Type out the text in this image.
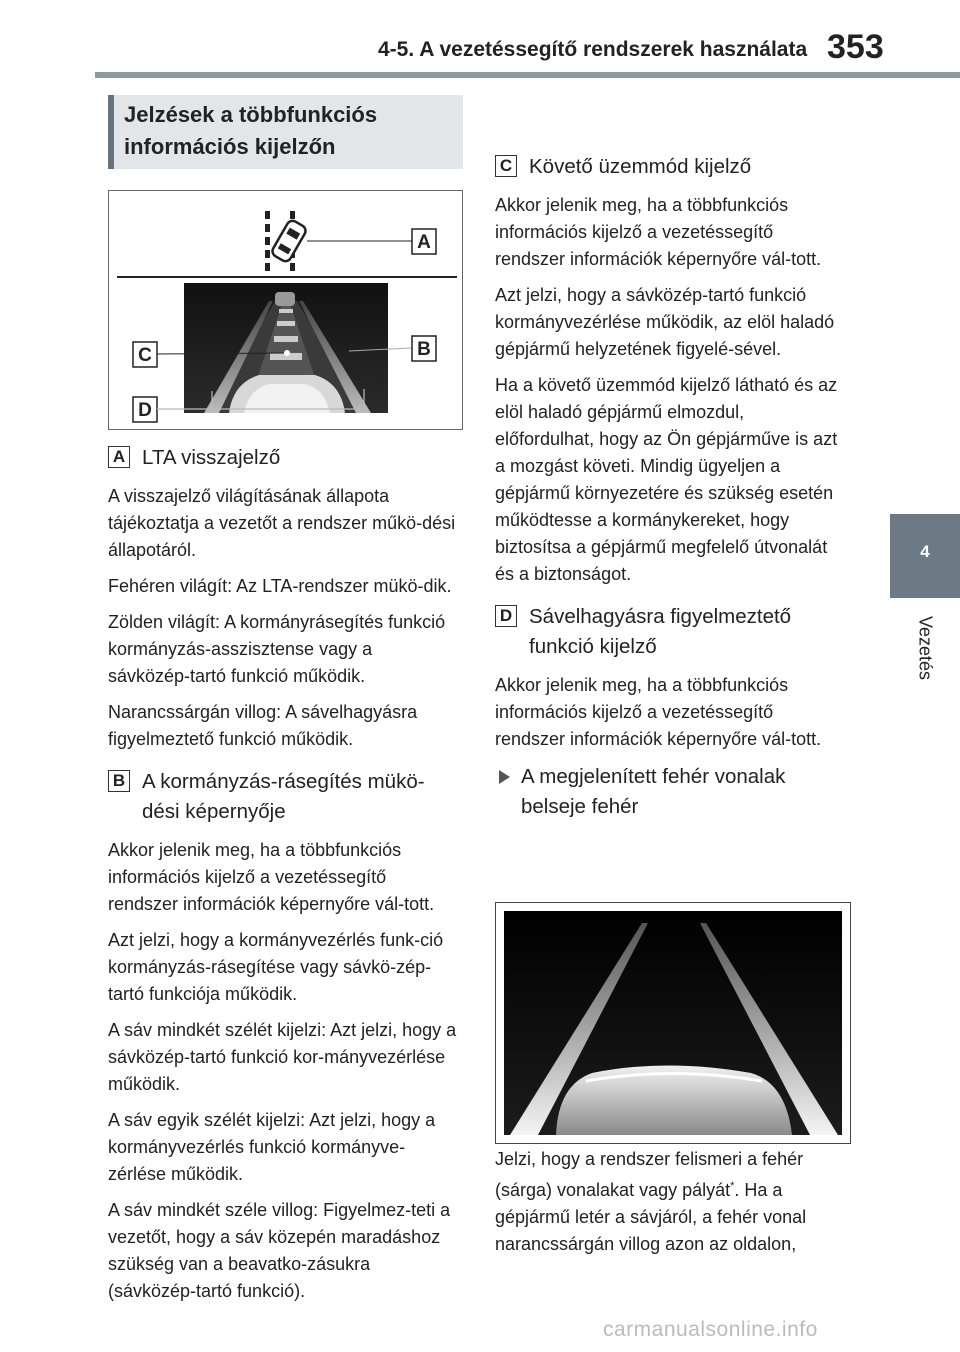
4-5. A vezetéssegítő rendszerek használata 353
4
Vezetés
Jelzések a többfunkciós
információs kijelzőn
A
B
C
D
A LTA visszajelző

A visszajelző világításának állapota tájékoztatja a vezetőt a rendszer műkö-dési állapotáról.

Fehéren világít: Az LTA-rendszer mükö-dik.

Zölden világít: A kormányrásegítés funkció kormányzás-asszisztense vagy a sávközép-tartó funkció működik.

Narancssárgán villog: A sávelhagyásra figyelmeztető funkció működik.

B A kormányzás-rásegítés mükö-
dési képernyője

Akkor jelenik meg, ha a többfunkciós információs kijelző a vezetéssegítő rendszer információk képernyőre vál-tott.

Azt jelzi, hogy a kormányvezérlés funk-ció kormányzás-rásegítése vagy sávkö-zép-tartó funkciója működik.

A sáv mindkét szélét kijelzi: Azt jelzi, hogy a sávközép-tartó funkció kor-mányvezérlése működik.

A sáv egyik szélét kijelzi: Azt jelzi, hogy a kormányvezérlés funkció kormányve-zérlése működik.

A sáv mindkét széle villog: Figyelmez-teti a vezetőt, hogy a sáv közepén maradáshoz szükség van a beavatko-zásukra (sávközép-tartó funkció).

C Követő üzemmód kijelző

Akkor jelenik meg, ha a többfunkciós információs kijelző a vezetéssegítő rendszer információk képernyőre vál-tott.

Azt jelzi, hogy a sávközép-tartó funkció kormányvezérlése működik, az elöl haladó gépjármű helyzetének figyelé-sével.

Ha a követő üzemmód kijelző látható és az elöl haladó gépjármű elmozdul, előfordulhat, hogy az Ön gépjárműve is azt a mozgást követi. Mindig ügyeljen a gépjármű környezetére és szükség esetén működtesse a kormánykereket, hogy biztosítsa a gépjármű megfelelő útvonalát és a biztonságot.

D Sávelhagyásra figyelmeztető
funkció kijelző

Akkor jelenik meg, ha a többfunkciós információs kijelző a vezetéssegítő rendszer információk képernyőre vál-tott.

A megjelenített fehér vonalak
belseje fehér

Jelzi, hogy a rendszer felismeri a fehér (sárga) vonalakat vagy pályát*. Ha a gépjármű letér a sávjáról, a fehér vonal narancssárgán villog azon az oldalon,

carmanualsonline.info
